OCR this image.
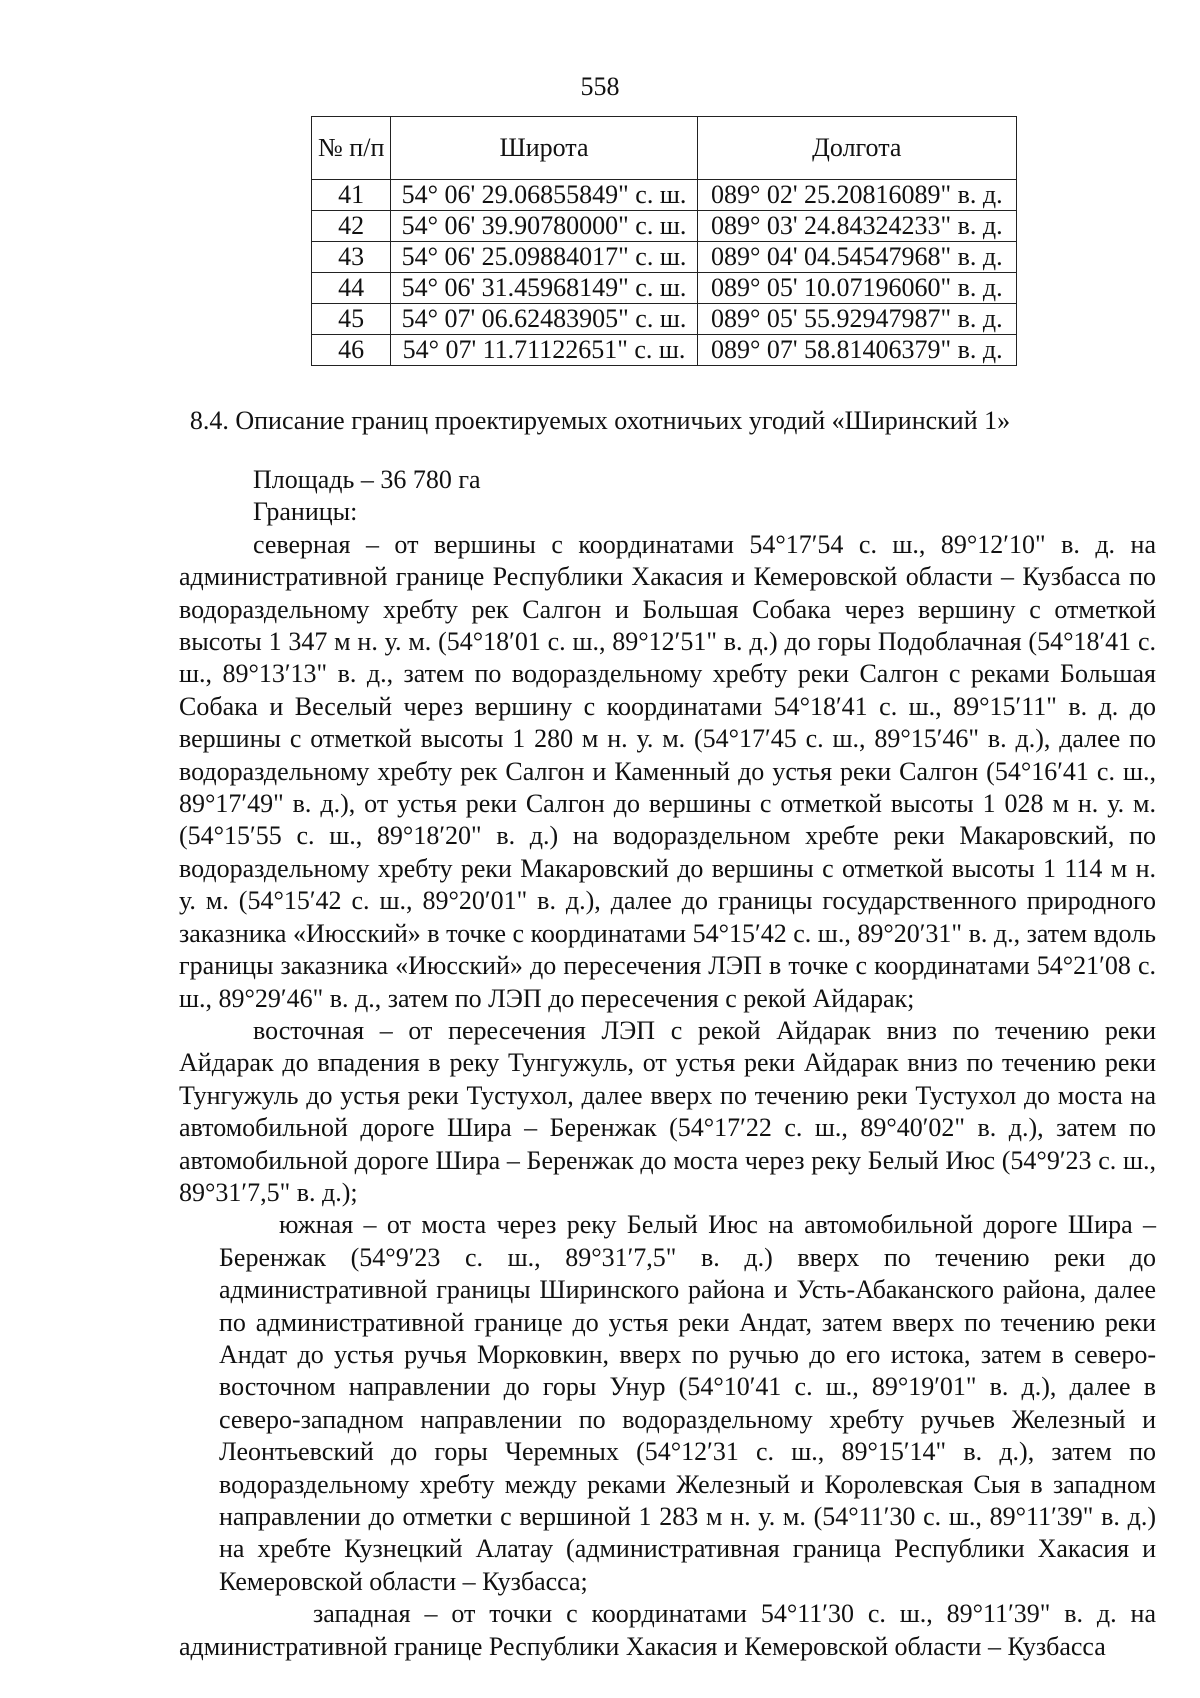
558
№ п/п	Широта	Долгота
41	54° 06' 29.06855849" с. ш.	089° 02' 25.20816089" в. д.
42	54° 06' 39.90780000" с. ш.	089° 03' 24.84324233" в. д.
43	54° 06' 25.09884017" с. ш.	089° 04' 04.54547968" в. д.
44	54° 06' 31.45968149" с. ш.	089° 05' 10.07196060" в. д.
45	54° 07' 06.62483905" с. ш.	089° 05' 55.92947987" в. д.
46	54° 07' 11.71122651" с. ш.	089° 07' 58.81406379" в. д.
8.4. Описание границ проектируемых охотничьих угодий «Ширинский 1»

Площадь – 36 780 га

Границы:

северная – от вершины с координатами 54°17′54 с. ш., 89°12′10" в. д. на административной границе Республики Хакасия и Кемеровской области – Кузбасса по водораздельному хребту рек Салгон и Большая Собака через вершину с отметкой высоты 1 347 м н. у. м. (54°18′01 с. ш., 89°12′51" в. д.) до горы Подоблачная (54°18′41 с. ш., 89°13′13" в. д., затем по водораздельному хребту реки Салгон с реками Большая Собака и Веселый через вершину с координатами 54°18′41 с. ш., 89°15′11" в. д. до вершины с отметкой высоты 1 280 м н. у. м. (54°17′45 с. ш., 89°15′46" в. д.), далее по водораздельному хребту рек Салгон и Каменный до устья реки Салгон (54°16′41 с. ш., 89°17′49" в. д.), от устья реки Салгон до вершины с отметкой высоты 1 028 м н. у. м. (54°15′55 с. ш., 89°18′20" в. д.) на водораздельном хребте реки Макаровский, по водораздельному хребту реки Макаровский до вершины с отметкой высоты 1 114 м н. у. м. (54°15′42 с. ш., 89°20′01" в. д.), далее до границы государственного природного заказника «Июсский» в точке с координатами 54°15′42 с. ш., 89°20′31" в. д., затем вдоль границы заказника «Июсский» до пересечения ЛЭП в точке с координатами 54°21′08 с. ш., 89°29′46" в. д., затем по ЛЭП до пересечения с рекой Айдарак;

восточная – от пересечения ЛЭП с рекой Айдарак вниз по течению реки Айдарак до впадения в реку Тунгужуль, от устья реки Айдарак вниз по течению реки Тунгужуль до устья реки Тустухол, далее вверх по течению реки Тустухол до моста на автомобильной дороге Шира – Беренжак (54°17′22 с. ш., 89°40′02" в. д.), затем по автомобильной дороге Шира – Беренжак до моста через реку Белый Июс (54°9′23 с. ш., 89°31′7,5" в. д.);

южная – от моста через реку Белый Июс на автомобильной дороге Шира – Беренжак (54°9′23 с. ш., 89°31′7,5" в. д.) вверх по течению реки до административной границы Ширинского района и Усть-Абаканского района, далее по административной границе до устья реки Андат, затем вверх по течению реки Андат до устья ручья Морковкин, вверх по ручью до его истока, затем в северо-восточном направлении до горы Унур (54°10′41 с. ш., 89°19′01" в. д.), далее в северо-западном направлении по водораздельному хребту ручьев Железный и Леонтьевский до горы Черемных (54°12′31 с. ш., 89°15′14" в. д.), затем по водораздельному хребту между реками Железный и Королевская Сыя в западном направлении до отметки с вершиной 1 283 м н. у. м. (54°11′30 с. ш., 89°11′39" в. д.) на хребте Кузнецкий Алатау (административная граница Республики Хакасия и Кемеровской области – Кузбасса;

западная – от точки с координатами 54°11′30 с. ш., 89°11′39" в. д. на административной границе Республики Хакасия и Кемеровской области – Кузбасса
